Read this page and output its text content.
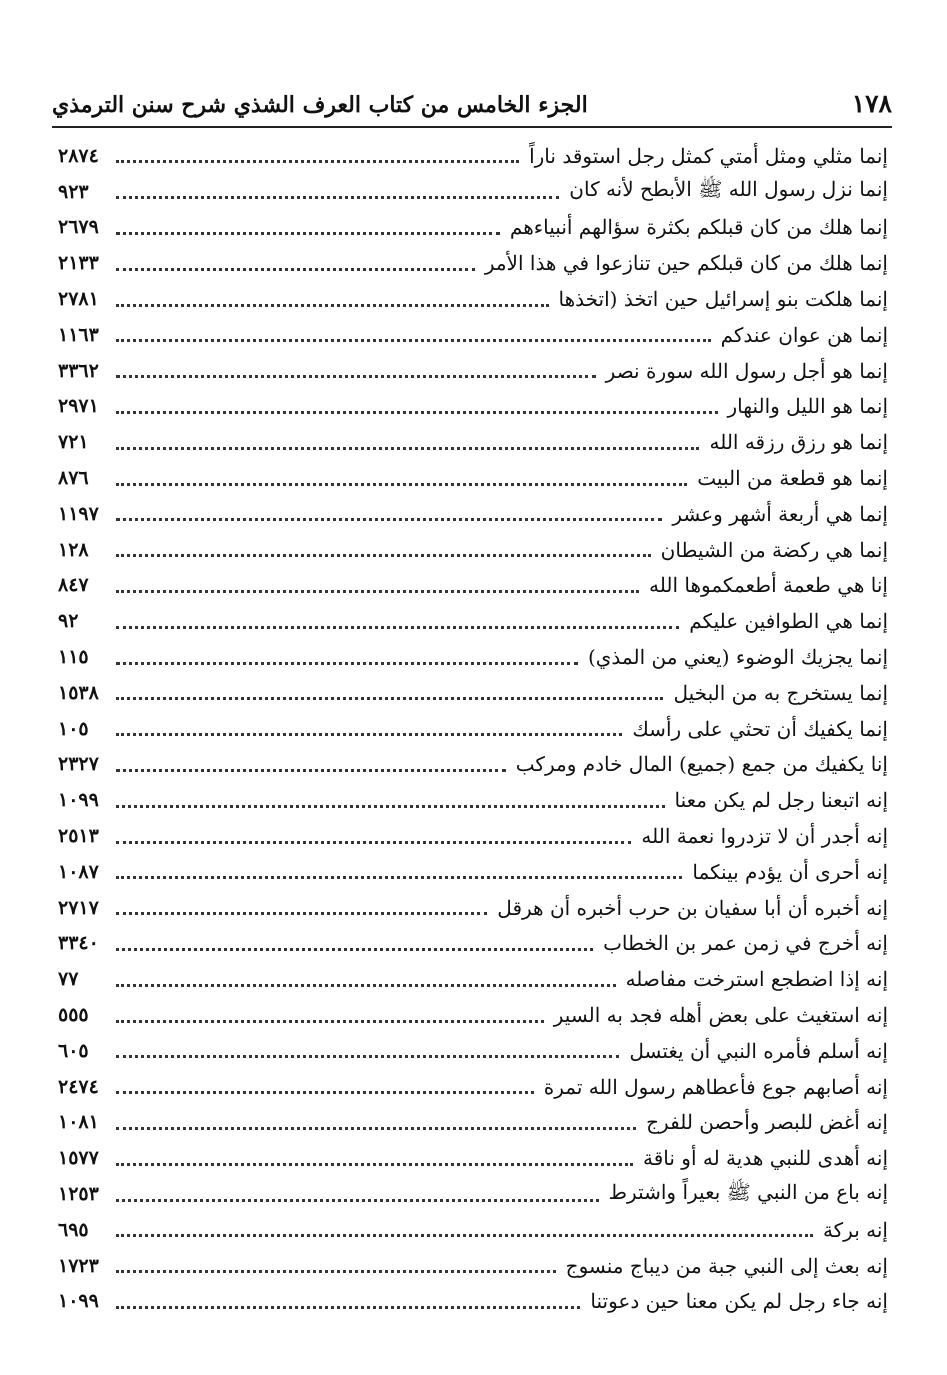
١٧٨
الجزء الخامس من كتاب العرف الشذي شرح سنن الترمذي
إنما مثلي ومثل أمتي كمثل رجل استوقد ناراً
٢٨٧٤
إنما نزل رسول الله ﷺ الأبطح لأنه كان
٩٢٣
إنما هلك من كان قبلكم بكثرة سؤالهم أنبياءهم
٢٦٧٩
إنما هلك من كان قبلكم حين تنازعوا في هذا الأمر
٢١٣٣
إنما هلكت بنو إسرائيل حين اتخذ (اتخذها
٢٧٨١
إنما هن عوان عندكم
١١٦٣
إنما هو أجل رسول الله سورة نصر
٣٣٦٢
إنما هو الليل والنهار
٢٩٧١
إنما هو رزق رزقه الله
٧٢١
إنما هو قطعة من البيت
٨٧٦
إنما هي أربعة أشهر وعشر
١١٩٧
إنما هي ركضة من الشيطان
١٢٨
إنا هي طعمة أطعمكموها الله
٨٤٧
إنما هي الطوافين عليكم
٩٢
إنما يجزيك الوضوء (يعني من المذي)
١١٥
إنما يستخرج به من البخيل
١٥٣٨
إنما يكفيك أن تحثي على رأسك
١٠٥
إنا يكفيك من جمع (جميع) المال خادم ومركب
٢٣٢٧
إنه اتبعنا رجل لم يكن معنا
١٠٩٩
إنه أجدر أن لا تزدروا نعمة الله
٢٥١٣
إنه أحرى أن يؤدم بينكما
١٠٨٧
إنه أخبره أن أبا سفيان بن حرب أخبره أن هرقل
٢٧١٧
إنه أخرج في زمن عمر بن الخطاب
٣٣٤٠
إنه إذا اضطجع استرخت مفاصله
٧٧
إنه استغيث على بعض أهله فجد به السير
٥٥٥
إنه أسلم فأمره النبي أن يغتسل
٦٠٥
إنه أصابهم جوع فأعطاهم رسول الله تمرة
٢٤٧٤
إنه أغض للبصر وأحصن للفرج
١٠٨١
إنه أهدى للنبي هدية له أو ناقة
١٥٧٧
إنه باع من النبي ﷺ بعيراً واشترط
١٢٥٣
إنه بركة
٦٩٥
إنه بعث إلى النبي جبة من ديباج منسوج
١٧٢٣
إنه جاء رجل لم يكن معنا حين دعوتنا
١٠٩٩
